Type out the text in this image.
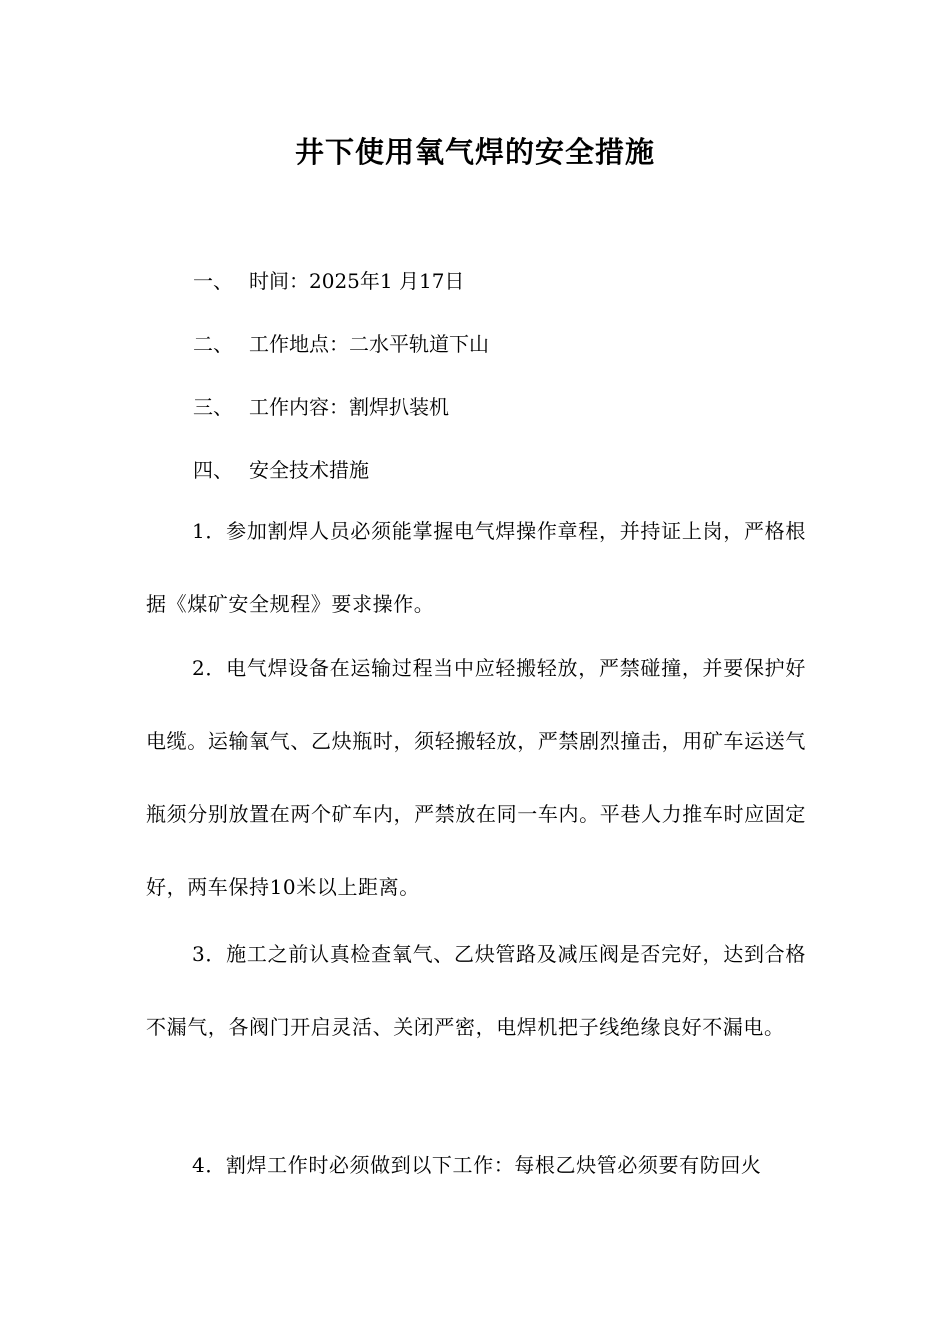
井下使用氧气焊的安全措施
一、 时间：2025年1 月17日
二、 工作地点：二水平轨道下山
三、 工作内容：割焊扒装机
四、 安全技术措施

1．参加割焊人员必须能掌握电气焊操作章程，并持证上岗，严格根据《煤矿安全规程》要求操作。

2．电气焊设备在运输过程当中应轻搬轻放，严禁碰撞，并要保护好电缆。运输氧气、乙炔瓶时，须轻搬轻放，严禁剧烈撞击，用矿车运送气瓶须分别放置在两个矿车内，严禁放在同一车内。平巷人力推车时应固定好，两车保持10米以上距离。

3．施工之前认真检查氧气、乙炔管路及减压阀是否完好，达到合格不漏气，各阀门开启灵活、关闭严密，电焊机把子线绝缘良好不漏电。

4．割焊工作时必须做到以下工作：每根乙炔管必须要有防回火
